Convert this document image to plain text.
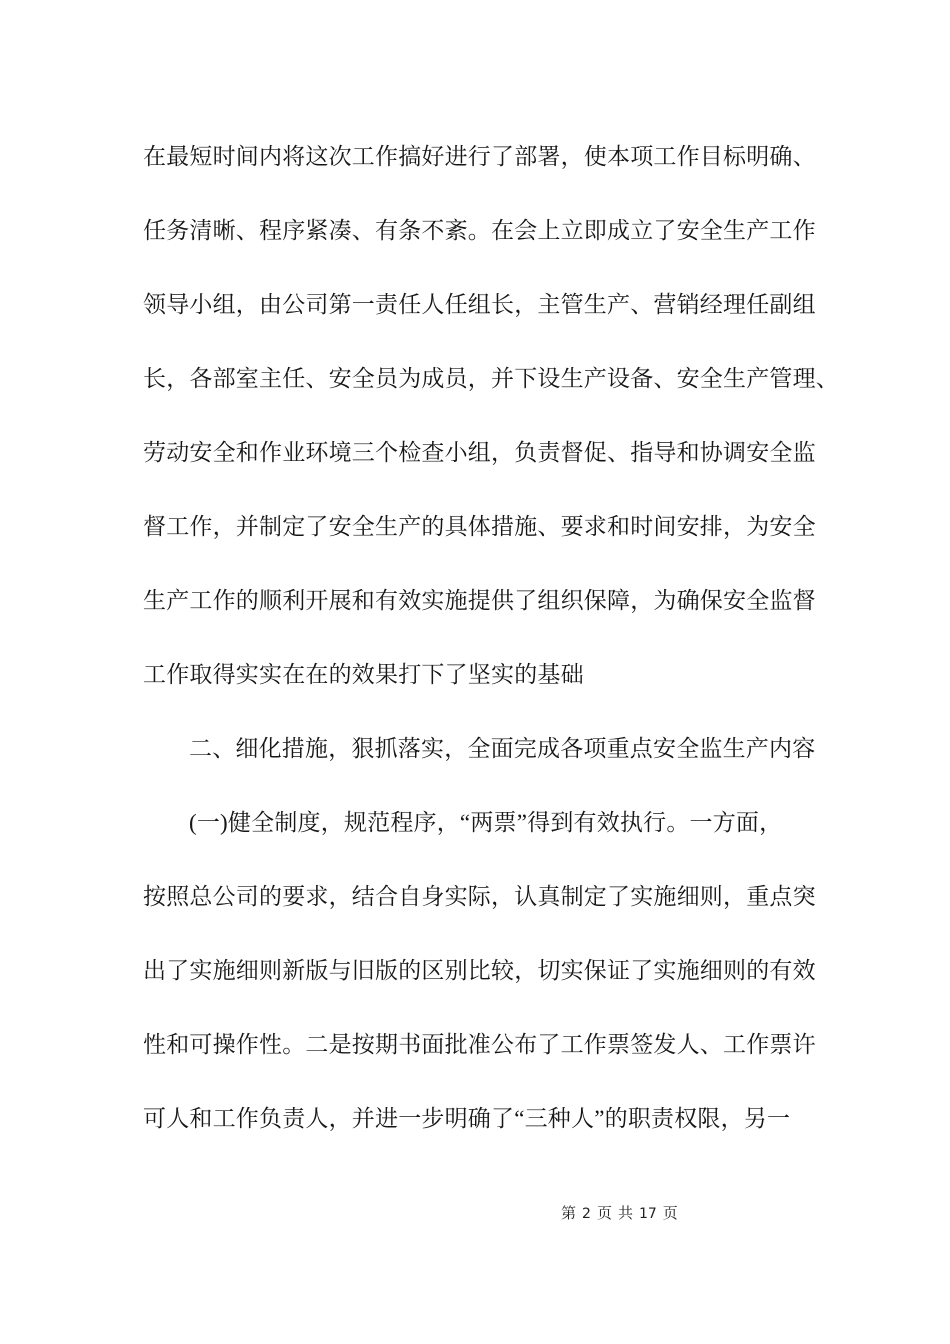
在最短时间内将这次工作搞好进行了部署，使本项工作目标明确、
任务清晰、程序紧凑、有条不紊。在会上立即成立了安全生产工作
领导小组，由公司第一责任人任组长，主管生产、营销经理任副组
长，各部室主任、安全员为成员，并下设生产设备、安全生产管理、
劳动安全和作业环境三个检查小组，负责督促、指导和协调安全监
督工作，并制定了安全生产的具体措施、要求和时间安排，为安全
生产工作的顺利开展和有效实施提供了组织保障，为确保安全监督
工作取得实实在在的效果打下了坚实的基础
二、细化措施，狠抓落实，全面完成各项重点安全监生产内容
(一)健全制度，规范程序，“两票”得到有效执行。一方面，
按照总公司的要求，结合自身实际，认真制定了实施细则，重点突
出了实施细则新版与旧版的区别比较，切实保证了实施细则的有效
性和可操作性。二是按期书面批准公布了工作票签发人、工作票许
可人和工作负责人，并进一步明确了“三种人”的职责权限，另一
第 2 页 共 17 页
